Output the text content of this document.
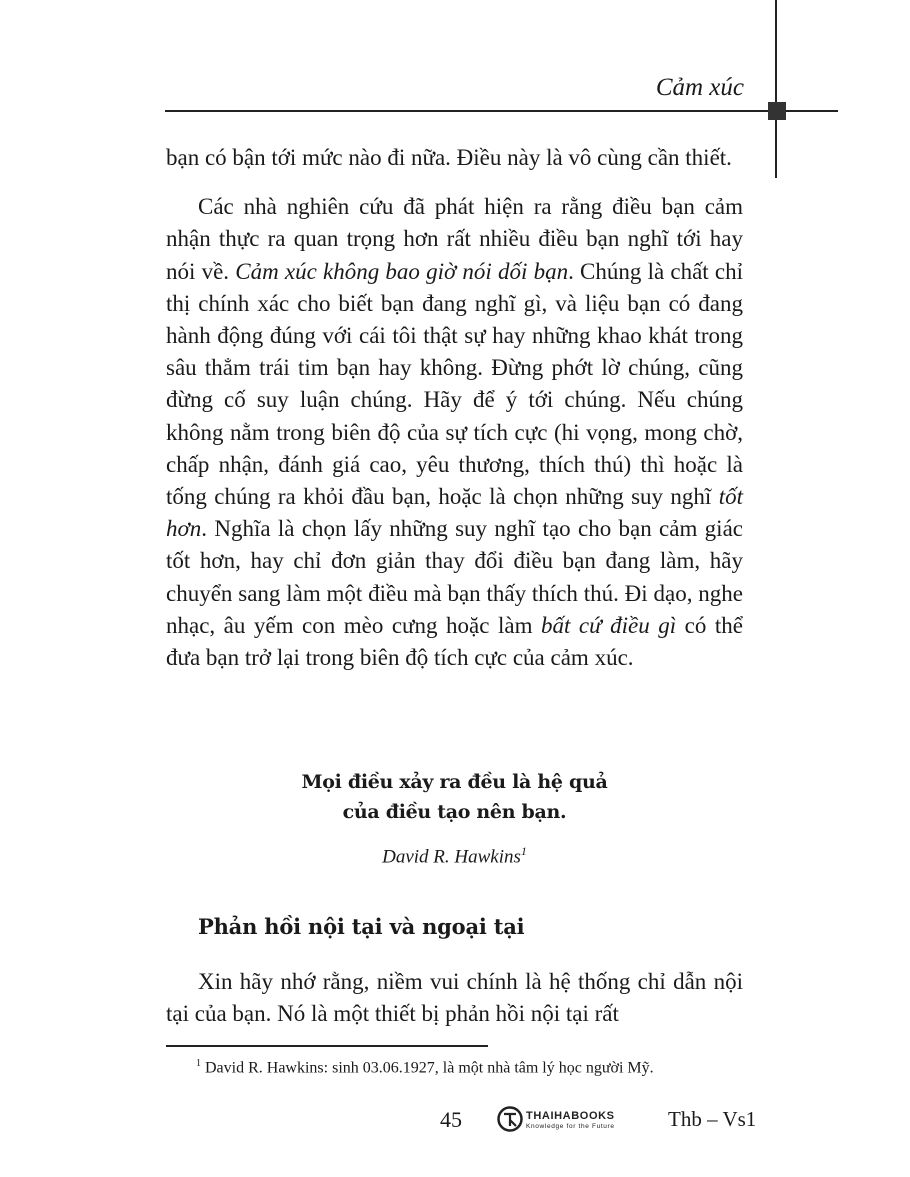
Cảm xúc

bạn có bận tới mức nào đi nữa. Điều này là vô cùng cần thiết.

Các nhà nghiên cứu đã phát hiện ra rằng điều bạn cảm nhận thực ra quan trọng hơn rất nhiều điều bạn nghĩ tới hay nói về. Cảm xúc không bao giờ nói dối bạn. Chúng là chất chỉ thị chính xác cho biết bạn đang nghĩ gì, và liệu bạn có đang hành động đúng với cái tôi thật sự hay những khao khát trong sâu thẳm trái tim bạn hay không. Đừng phớt lờ chúng, cũng đừng cố suy luận chúng. Hãy để ý tới chúng. Nếu chúng không nằm trong biên độ của sự tích cực (hi vọng, mong chờ, chấp nhận, đánh giá cao, yêu thương, thích thú) thì hoặc là tống chúng ra khỏi đầu bạn, hoặc là chọn những suy nghĩ tốt hơn. Nghĩa là chọn lấy những suy nghĩ tạo cho bạn cảm giác tốt hơn, hay chỉ đơn giản thay đổi điều bạn đang làm, hãy chuyển sang làm một điều mà bạn thấy thích thú. Đi dạo, nghe nhạc, âu yếm con mèo cưng hoặc làm bất cứ điều gì có thể đưa bạn trở lại trong biên độ tích cực của cảm xúc.

Mọi điều xảy ra đều là hệ quả
của điều tạo nên bạn.
David R. Hawkins$^1$
Phản hồi nội tại và ngoại tại

Xin hãy nhớ rằng, niềm vui chính là hệ thống chỉ dẫn nội tại của bạn. Nó là một thiết bị phản hồi nội tại rất

$^1$ David R. Hawkins: sinh 03.06.1927, là một nhà tâm lý học người Mỹ.
45	THAIHABOOKS
Knowledge for the Future	Thb – Vs1
